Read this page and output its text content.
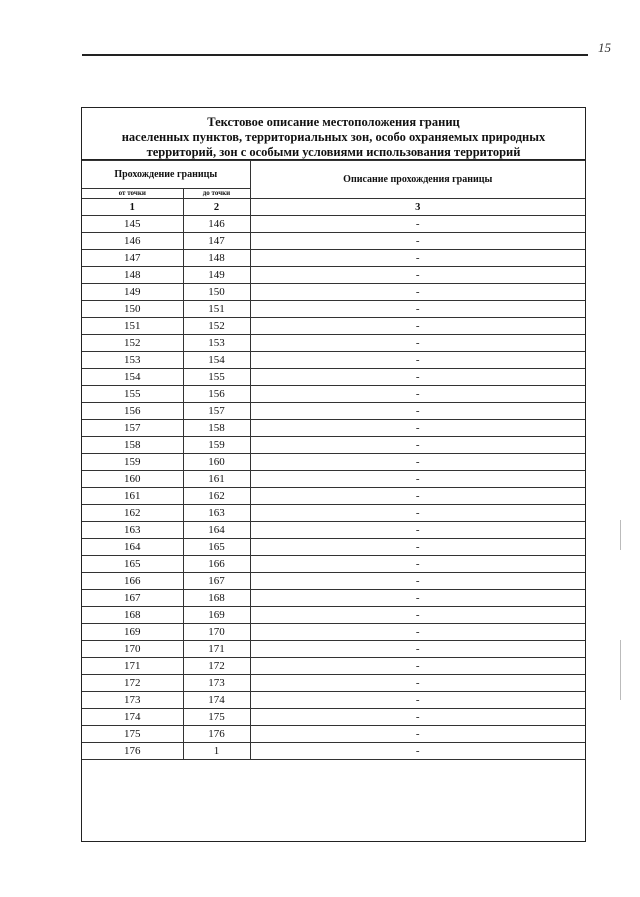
15
Текстовое описание местоположения границ
населенных пунктов, территориальных зон, особо охраняемых природных
территорий, зон с особыми условиями использования территорий
Прохождение границы		Описание прохождения границы
от точки	до точки	
1	2	3
145	146	-
146	147	-
147	148	-
148	149	-
149	150	-
150	151	-
151	152	-
152	153	-
153	154	-
154	155	-
155	156	-
156	157	-
157	158	-
158	159	-
159	160	-
160	161	-
161	162	-
162	163	-
163	164	-
164	165	-
165	166	-
166	167	-
167	168	-
168	169	-
169	170	-
170	171	-
171	172	-
172	173	-
173	174	-
174	175	-
175	176	-
176	1	-
